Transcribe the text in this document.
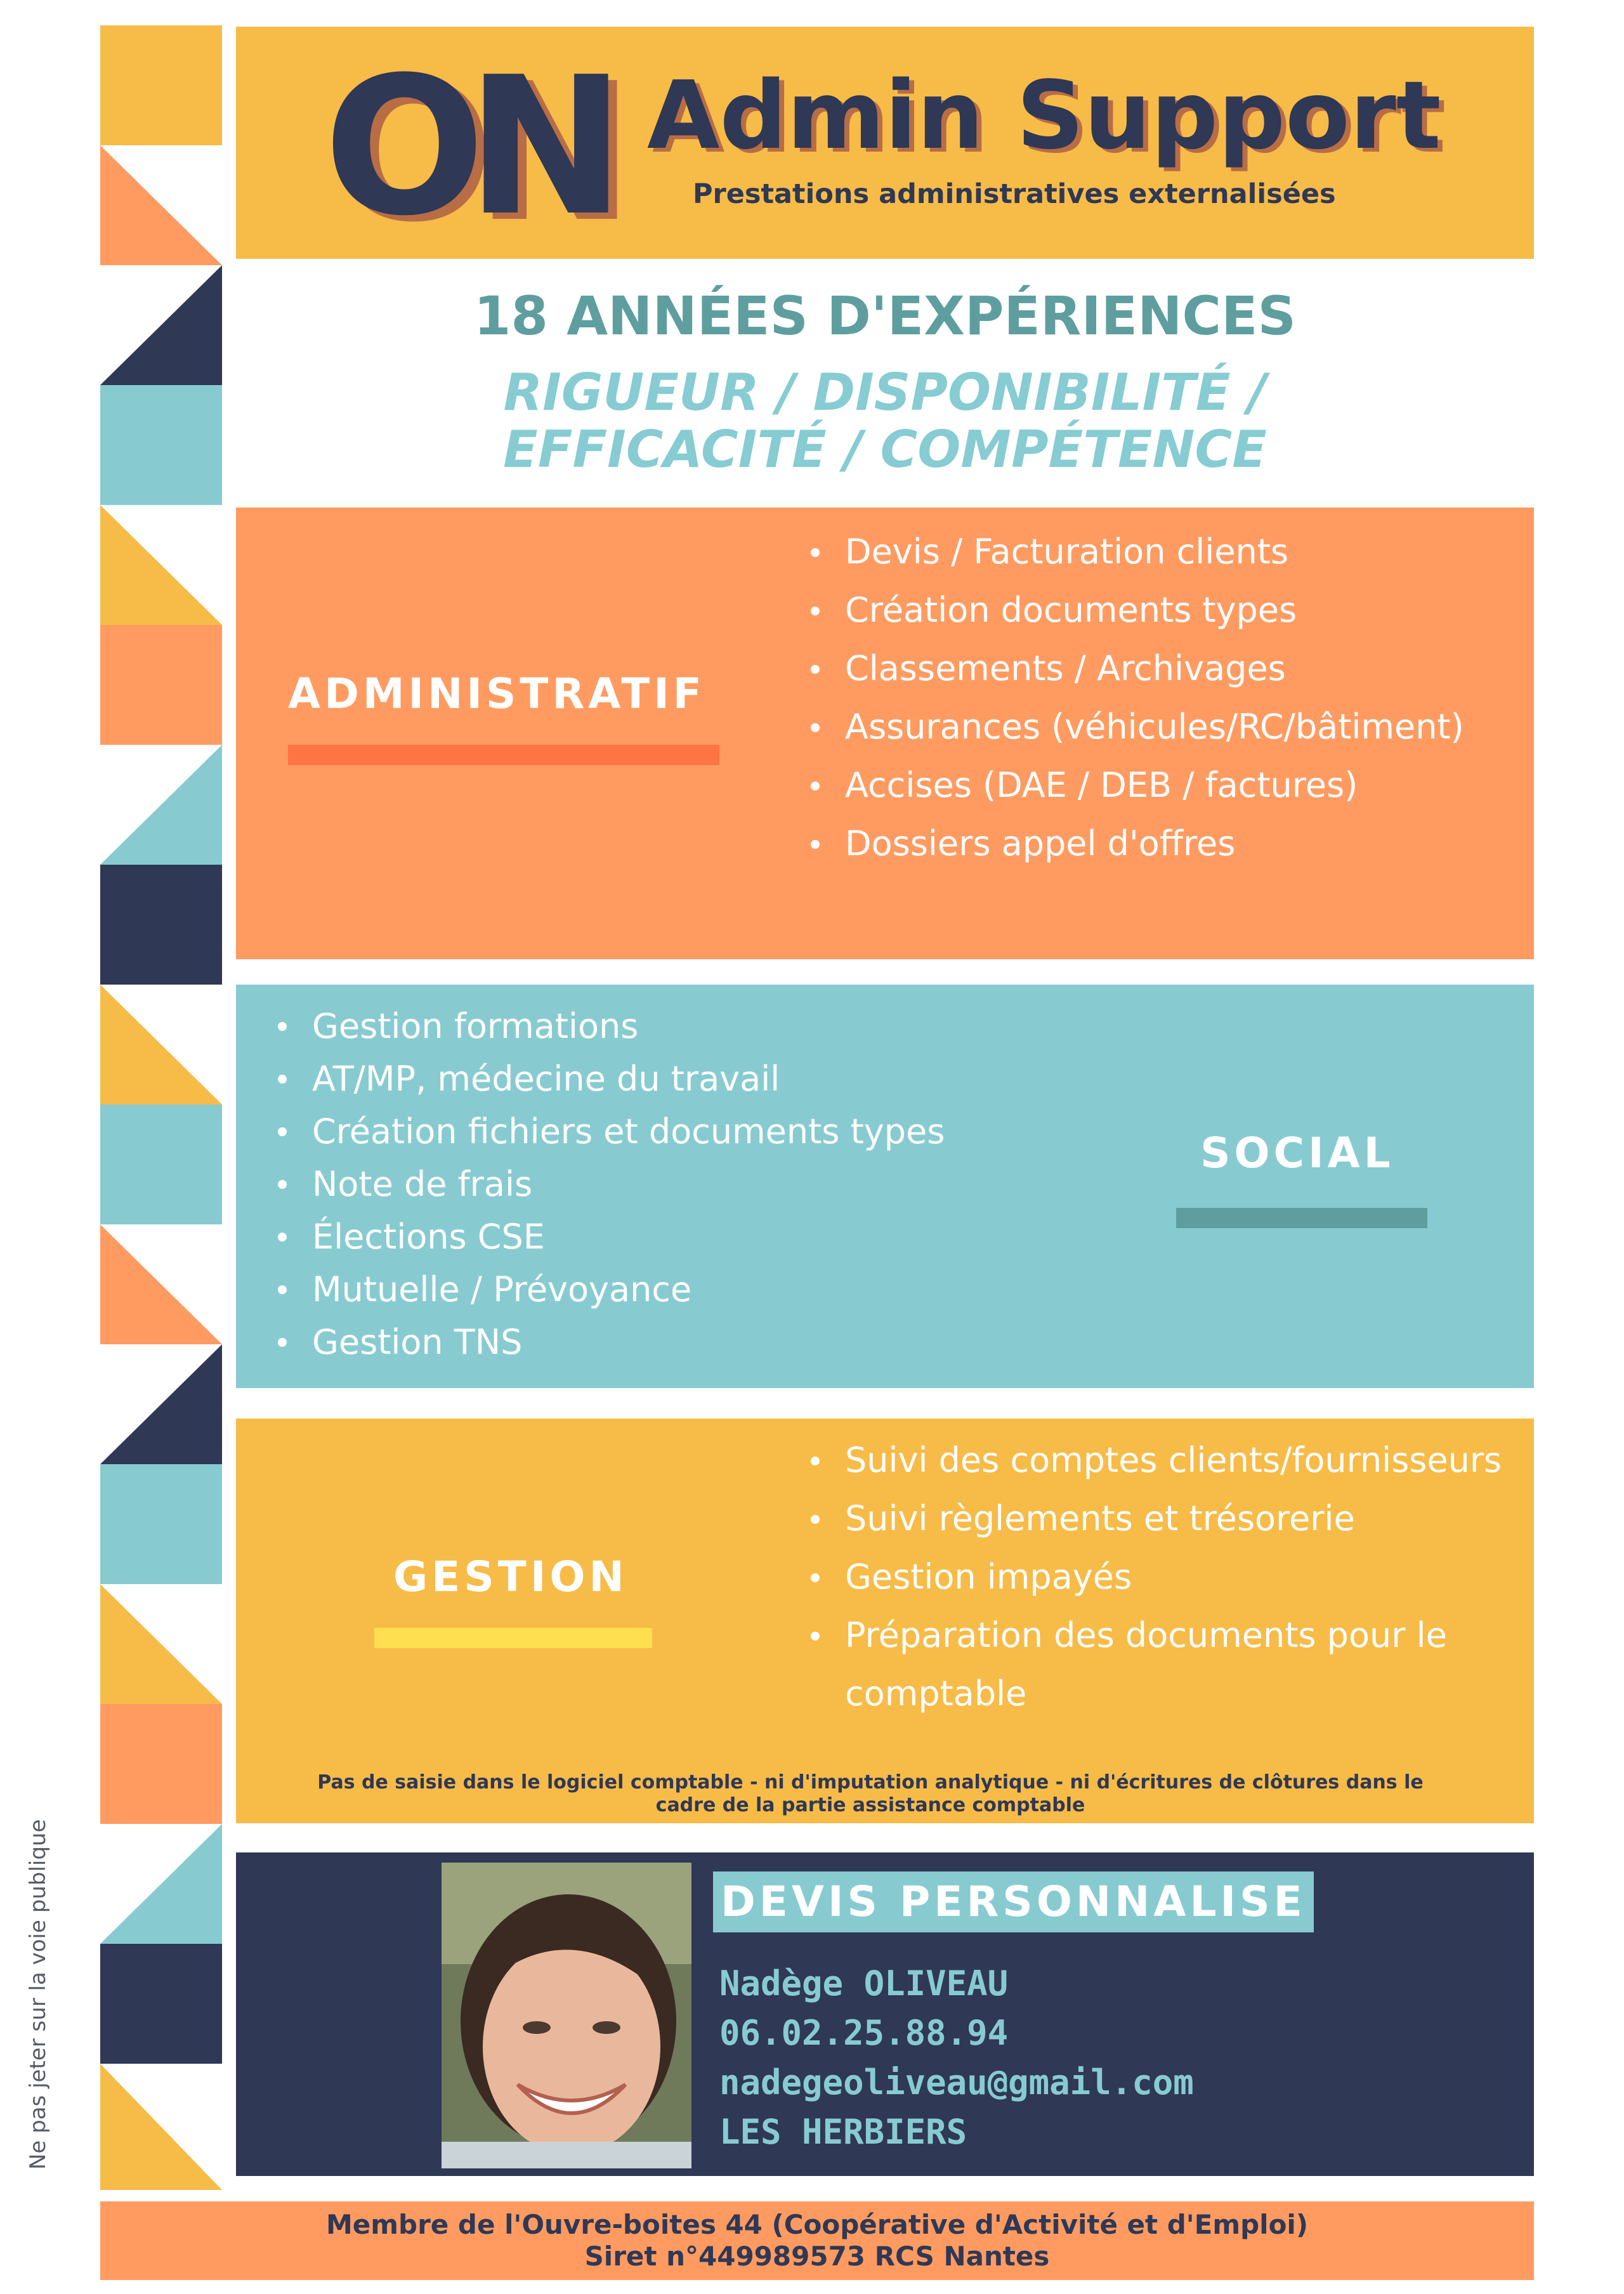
ON Admin Support
Prestations administratives externalisées
18 ANNÉES D'EXPÉRIENCES
RIGUEUR / DISPONIBILITÉ /
EFFICACITÉ / COMPÉTENCE
ADMINISTRATIF
Devis / Facturation clients
Création documents types
Classements / Archivages
Assurances (véhicules/RC/bâtiment)
Accises (DAE / DEB / factures)
Dossiers appel d'offres
Gestion formations
AT/MP, médecine du travail
Création fichiers et documents types
Note de frais
Élections CSE
Mutuelle / Prévoyance
Gestion TNS
SOCIAL
GESTION
Suivi des comptes clients/fournisseurs
Suivi règlements et trésorerie
Gestion impayés
Préparation des documents pour le comptable
Pas de saisie dans le logiciel comptable - ni d'imputation analytique - ni d'écritures de clôtures dans le cadre de la partie assistance comptable
DEVIS PERSONNALISE
Nadège OLIVEAU
06.02.25.88.94
nadegeoliveau@gmail.com
LES HERBIERS
Ne pas jeter sur la voie publique
Membre de l'Ouvre-boites 44 (Coopérative d'Activité et d'Emploi)
Siret n°449989573 RCS Nantes
